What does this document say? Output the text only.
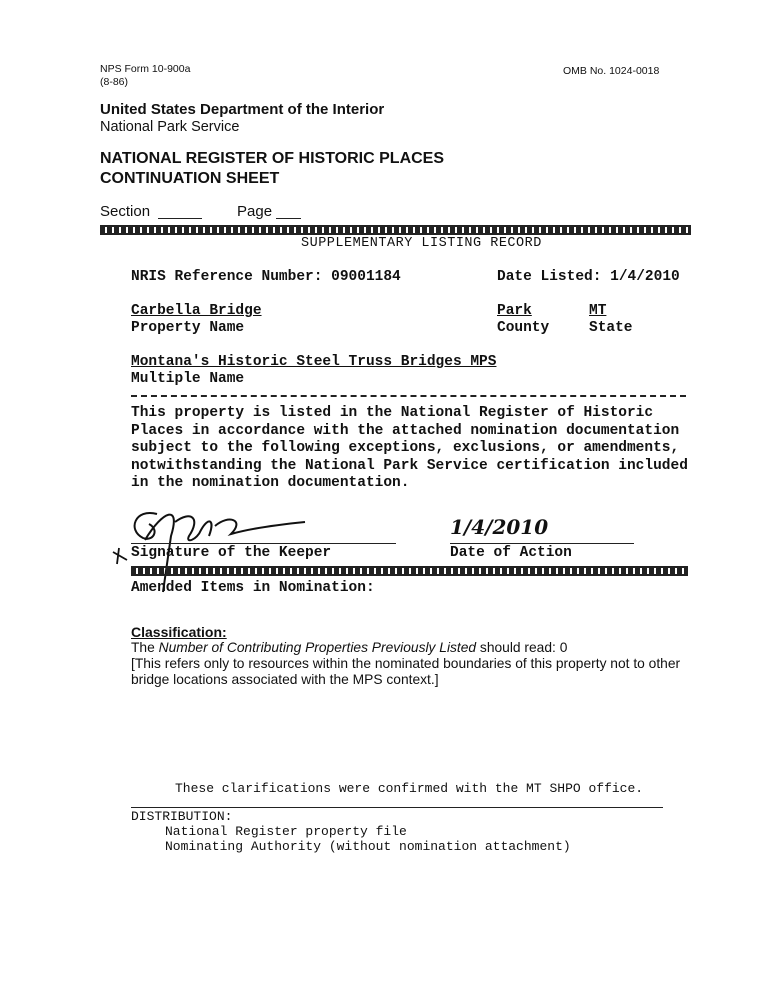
NPS Form 10-900a
(8-86)
OMB No. 1024-0018
United States Department of the Interior
National Park Service
NATIONAL REGISTER OF HISTORIC PLACES
CONTINUATION SHEET
Section	Page
SUPPLEMENTARY LISTING RECORD
NRIS Reference Number: 09001184	Date Listed: 1/4/2010
Carbella Bridge
Property Name
Park
County
MT
State
Montana's Historic Steel Truss Bridges MPS
Multiple Name
This property is listed in the National Register of Historic
Places in accordance with the attached nomination documentation
subject to the following exceptions, exclusions, or amendments,
notwithstanding the National Park Service certification included
in the nomination documentation.
Signature of the Keeper
1/4/2010
Date of Action
Amended Items in Nomination:
Classification:
The Number of Contributing Properties Previously Listed should read: 0
[This refers only to resources within the nominated boundaries of this property not to other
bridge locations associated with the MPS context.]
These clarifications were confirmed with the MT SHPO office.
DISTRIBUTION:
National Register property file
Nominating Authority (without nomination attachment)
